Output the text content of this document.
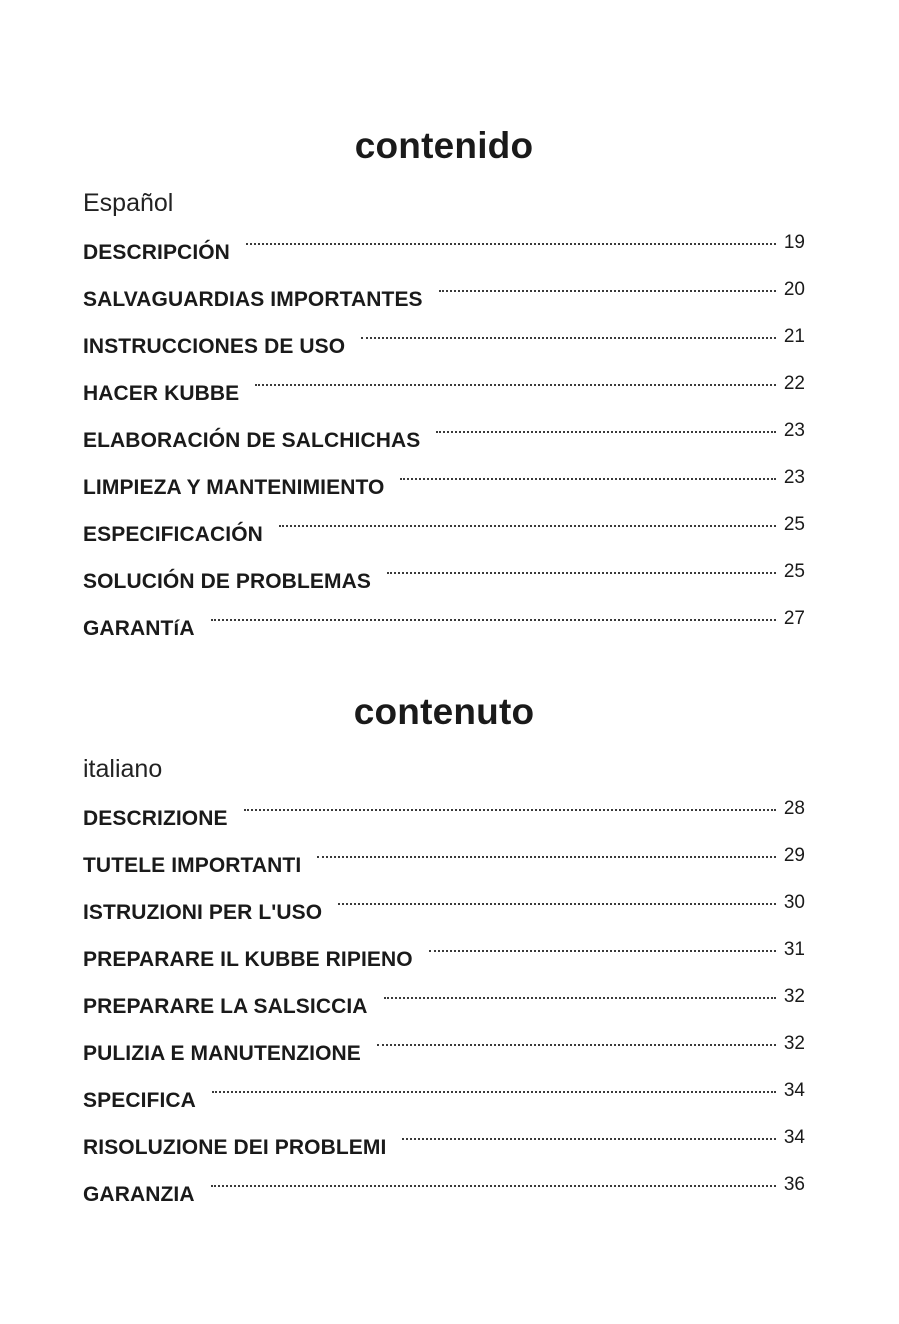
contenido
Español
DESCRIPCIÓN	19
SALVAGUARDIAS IMPORTANTES	20
INSTRUCCIONES DE USO	21
HACER KUBBE	22
ELABORACIÓN DE SALCHICHAS	23
LIMPIEZA Y MANTENIMIENTO	23
ESPECIFICACIÓN	25
SOLUCIÓN DE PROBLEMAS	25
GARANTíA	27
contenuto
italiano
DESCRIZIONE	28
TUTELE IMPORTANTI	29
ISTRUZIONI PER L'USO	30
PREPARARE IL KUBBE RIPIENO	31
PREPARARE LA SALSICCIA	32
PULIZIA E MANUTENZIONE	32
SPECIFICA	34
RISOLUZIONE DEI PROBLEMI	34
GARANZIA	36
